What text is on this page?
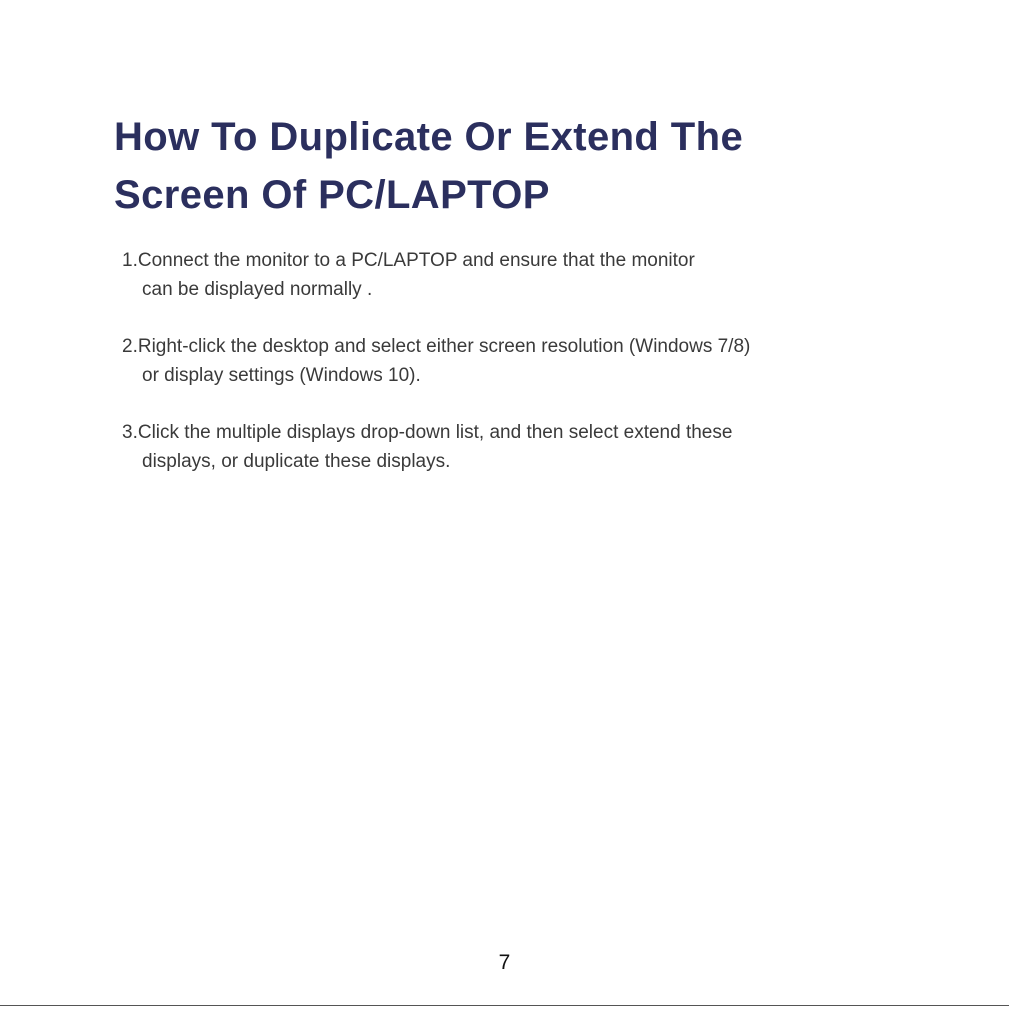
How To Duplicate Or Extend The
Screen Of PC/LAPTOP
1.Connect the monitor to a PC/LAPTOP and ensure that the monitor
can be displayed normally .
2.Right-click the desktop and select either screen resolution (Windows 7/8)
or display settings (Windows 10).
3.Click the multiple displays drop-down list, and then select extend these
displays, or duplicate these displays.
7
